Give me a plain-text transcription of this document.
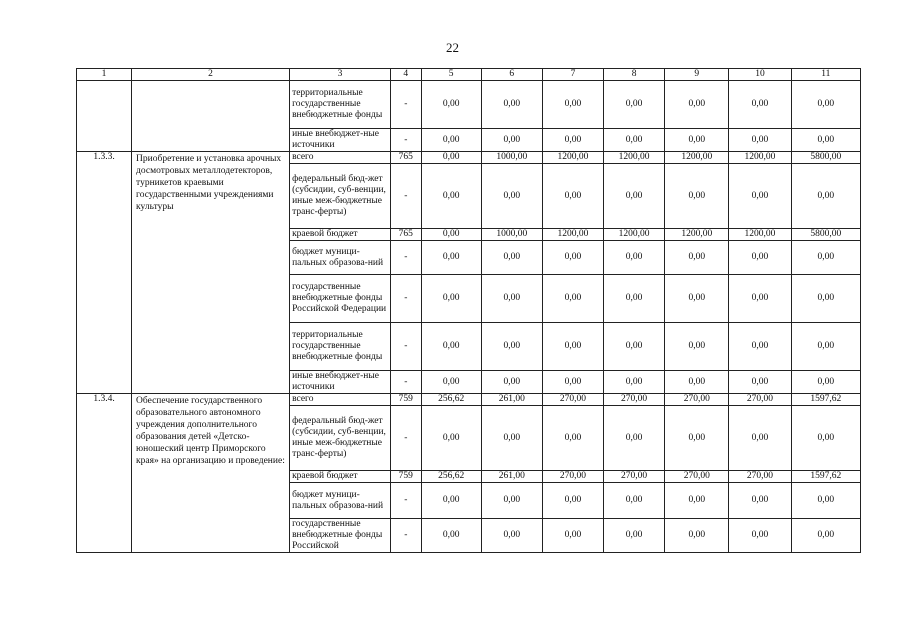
22
1	2	3	4	5	6	7	8	9	10	11
		территориальные государственные внебюджетные фонды	-	0,00	0,00	0,00	0,00	0,00	0,00	0,00
		иные внебюджет-ные источники	-	0,00	0,00	0,00	0,00	0,00	0,00	0,00
1.3.3.	Приобретение и установка арочных досмотровых металлодетекторов, турникетов краевыми государственными учреждениями культуры	всего	765	0,00	1000,00	1200,00	1200,00	1200,00	1200,00	5800,00
		федеральный бюд-жет (субсидии, суб-венции, иные меж-бюджетные транс-ферты)	-	0,00	0,00	0,00	0,00	0,00	0,00	0,00
		краевой бюджет	765	0,00	1000,00	1200,00	1200,00	1200,00	1200,00	5800,00
		бюджет муници-пальных образова-ний	-	0,00	0,00	0,00	0,00	0,00	0,00	0,00
		государственные внебюджетные фонды Российской Федерации	-	0,00	0,00	0,00	0,00	0,00	0,00	0,00
		территориальные государственные внебюджетные фонды	-	0,00	0,00	0,00	0,00	0,00	0,00	0,00
		иные внебюджет-ные источники	-	0,00	0,00	0,00	0,00	0,00	0,00	0,00
1.3.4.	Обеспечение государственного образовательного автономного учреждения дополнительного образования детей «Детско-юношеский центр Приморского края» на организацию и проведение:	всего	759	256,62	261,00	270,00	270,00	270,00	270,00	1597,62
		федеральный бюд-жет (субсидии, суб-венции, иные меж-бюджетные транс-ферты)	-	0,00	0,00	0,00	0,00	0,00	0,00	0,00
		краевой бюджет	759	256,62	261,00	270,00	270,00	270,00	270,00	1597,62
		бюджет муници-пальных образова-ний	-	0,00	0,00	0,00	0,00	0,00	0,00	0,00
		государственные внебюджетные фонды Российской	-	0,00	0,00	0,00	0,00	0,00	0,00	0,00
